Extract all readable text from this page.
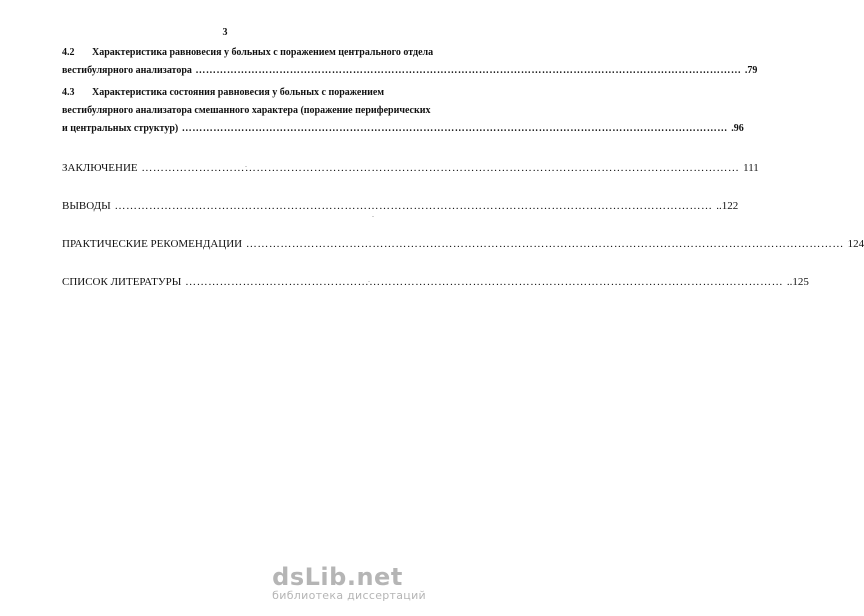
3
4.2 Характеристика равновесия у больных с поражением центрального отдела
вестибулярного анализатора …………………………………………………………………………………………………………………………………………	.79
4.3 Характеристика состояния равновесия у больных с поражением
вестибулярного анализатора смешанного характера (поражение периферических
и центральных структур) …………………………………………………………………………………………………………………………………………	.96
ЗАКЛЮЧЕНИЕ …………………………………………………………………………………………………………………………………………	111
ВЫВОДЫ …………………………………………………………………………………………………………………………………………	..122
ПРАКТИЧЕСКИЕ РЕКОМЕНДАЦИИ …………………………………………………………………………………………………………………………………………	124
СПИСОК ЛИТЕРАТУРЫ …………………………………………………………………………………………………………………………………………	..125
dsLib.net
библиотека диссертаций
